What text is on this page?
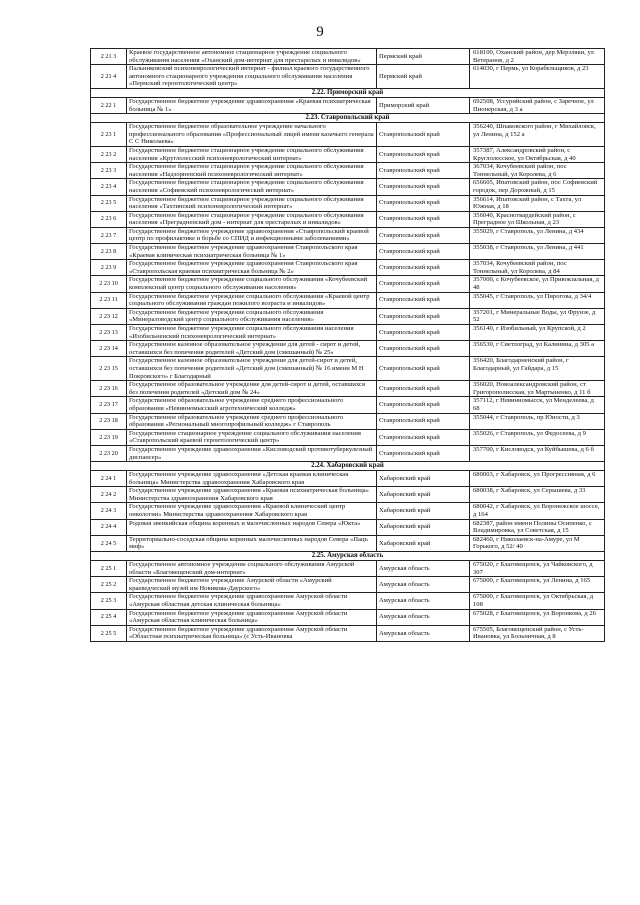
9
2 21 3	Краевое государственное автономное стационарное учреждение социального обслуживания населения «Оханский дом-интернат для престарелых и инвалидов»	Пермский край	618100, Оханский район, дер Мерзляки, ул Ветеранов, д 2
2 21 4	Пальниковский психоневрологический интернат - филиал краевого государственного автономного стационарного учреждения социального обслуживания населения «Пермский геронтологический центр»	Пермский край	614030, г Пермь, ул Корабельщиков, д 23
2.22. Приморский край			
2 22 1	Государственное бюджетное учреждение здравоохранения «Краевая психиатрическая больница № 1»	Приморский край	692508, Уссурийский район, с Заречное, ул Пионерская, д 3 а
2.23. Ставропольский край			
2 23 1	Государственное бюджетное образовательное учреждение начального профессионального образования «Профессиональный лицей имени казачьего генерала С С Николаева»	Ставропольский край	356240, Шпаковского район, г Михайловск, ул Ленина, д 152 а
2 23 2	Государственное бюджетное стационарное учреждение социального обслуживания населения «Круглолесский психоневрологический интернат»	Ставропольский край	357387, Александровский район, с Круглолесское, ул Октябрьская, д 40
2 23 3	Государственное бюджетное стационарное учреждение социального обслуживания населения «Надзорненский психоневрологический интернат»	Ставропольский край	367034, Кочубеевский район, пос Тоннельный, ул Королева, д 6
2 23 4	Государственное бюджетное стационарное учреждение социального обслуживания населения «Софиевский психоневрологический интернат»	Ставропольский край	656605, Ипатовский район, пос Софиевский городок, пер Дорожный, д 15
2 23 5	Государственное бюджетное стационарное учреждение социального обслуживания населения «Тахтинский психоневрологический интернат»	Ставропольский край	356614, Ипатовский район, с Тахта, ул Южная, д 18
2 23 6	Государственное бюджетное стационарное учреждение социального обслуживания населения «Преградненский дом - интернат для престарелых и инвалидов»	Ставропольский край	356040, Красногвардейский район, с Преградное ул Школьная, д 23
2 23 7	Государственное бюджетное учреждение здравоохранения «Ставропольский краевой центр по профилактике и борьбе со СПИД и инфекционными заболеваниями»	Ставропольский край	355029, г Ставрополь, ул Ленина, д 434
2 23 8	Государственное бюджетное учреждение здравоохранения Ставропольского края «Краевая клиническая психиатрическая больница № 1»	Ставропольский край	355038, г Ставрополь, ул Ленина, д 441
2 23 9	Государственное бюджетное учреждение здравоохранения Ставропольского края «Ставропольская краевая психиатрическая больница № 2»	Ставропольский край	357034, Кочубеевский район, пос Тоннельный, ул Королева, д 84
2 23 10	Государственное бюджетное учреждение социального обслуживания «Кочубеевский комплексный центр социального обслуживания населения»	Ставропольский край	357000, с Кочубеевское, ул Привокзальная, д 48
2 23 11	Государственное бюджетное учреждение социального обслуживания «Краевой центр социального обслуживания граждан пожилого возраста и инвалидов»	Ставропольский край	355045, г Ставрополь, ул Пирогова, д 34/4
2 23 12	Государственное бюджетное учреждение социального обслуживания «Минераловодский центр социального обслуживания населения»	Ставропольский край	357201, г Минеральные Воды, ул Фрунзе, д 52
2 23 13	Государственное бюджетное учреждение социального обслуживания населения «Изобильненский психоневрологический интернат»	Ставропольский край	356140, г Изобильный, ул Крупской, д 2
2 23 14	Государственное казенное образовательное учреждение для детей - сирот и детей, оставшихся без попечения родителей «Детский дом (смешанный) № 25»	Ставропольский край	356530, г Светлоград, ул Калинина, д 305 а
2 23 15	Государственное казенное образовательное учреждение для детей-сирот и детей, оставшихся без попечения родителей «Детский дом (смешанный) № 16 имени М Н Покровского» г Благодарный	Ставропольский край	356420, Благодарненский район, г Благодарный, ул Гайдара, д 15
2 23 16	Государственное образовательное учреждение для детей-сирот и детей, оставшихся без попечения родителей «Детский дом № 24»	Ставропольский край	356020, Новоалександровский район, ст Григорополисская, ул Мартыненко, д 11 б
2 23 17	Государственное образовательное учреждение среднего профессионального образования «Невинномысский агротехнический колледж»	Ставропольский край	357112, г Невинномысск, ул Менделеева, д 68
2 23 18	Государственное образовательное учреждение среднего профессионального образования «Региональный многопрофильный колледж» г Ставрополь	Ставропольский край	355044, г Ставрополь, пр Юности, д 3
2 23 19	Государственное стационарное учреждение социального обслуживания населения «Ставропольский краевой геронтологический центр»	Ставропольский край	355026, г Ставрополь, ул Федосеева, д 9
2 23 20	Государственное учреждение здравоохранения «Кисловодский противотуберкулезный диспансер»	Ставропольский край	357700, г Кисловодск, ул Куйбышева, д 6 б
2.24. Хабаровский край			
2 24 1	Государственное учреждение здравоохранения «Детская краевая клиническая больница» Министерства здравоохранения Хабаровского края	Хабаровский край	680003, г Хабаровск, ул Прогрессивная, д 6
2 24 2	Государственное учреждение здравоохранения «Краевая психиатрическая больница» Министерства здравоохранения Хабаровского края	Хабаровский край	680038, г Хабаровск, ул Серышева, д 33
2 24 3	Государственное учреждение здравоохранения «Краевой клинический центр онкологии» Министерства здравоохранения Хабаровского края	Хабаровский край	680042, г Хабаровск, ул Воронежское шоссе, д 164
2 24 4	Родовая эвенкийская община коренных и малочисленных народов Севера «Юкта»	Хабаровский край	682387, район имени Полины Осипенко, с Владимировка, ул Советская, д 15
2 24 5	Территориально-соседская община коренных малочисленных народов Севера «Пацъ миф»	Хабаровский край	682460, г Николаевск-на-Амуре, ул М Горького, д 52/ 40
2.25. Амурская область			
2 25 1	Государственное автономное учреждение социального обслуживания Амурской области «Благовещенский дом-интернат»	Амурская область	675020, г Благовещенск, ул Чайковского, д 307
2 25 2	Государственное бюджетное учреждение Амурской области «Амурский краеведческий музей им Новикова-Даурского»	Амурская область	675000, г Благовещенск, ул Ленина, д 165
2 25 3	Государственное бюджетное учреждение здравоохранения Амурской области «Амурская областная детская клиническая больница»	Амурская область	675000, г Благовещенск, ул Октябрьская, д 108
2 25 4	Государственное бюджетное учреждение здравоохранения Амурской области «Амурская областная клиническая больница»	Амурская область	675028, г Благовещенск, ул Воронкова, д 26
2 25 5	Государственное бюджетное учреждение здравоохранения Амурской области «Областная психиатрическая больница» (с Усть-Ивановка	Амурская область	675505, Благовещенский район, с Усть-Ивановка, ул Больничная, д 8
